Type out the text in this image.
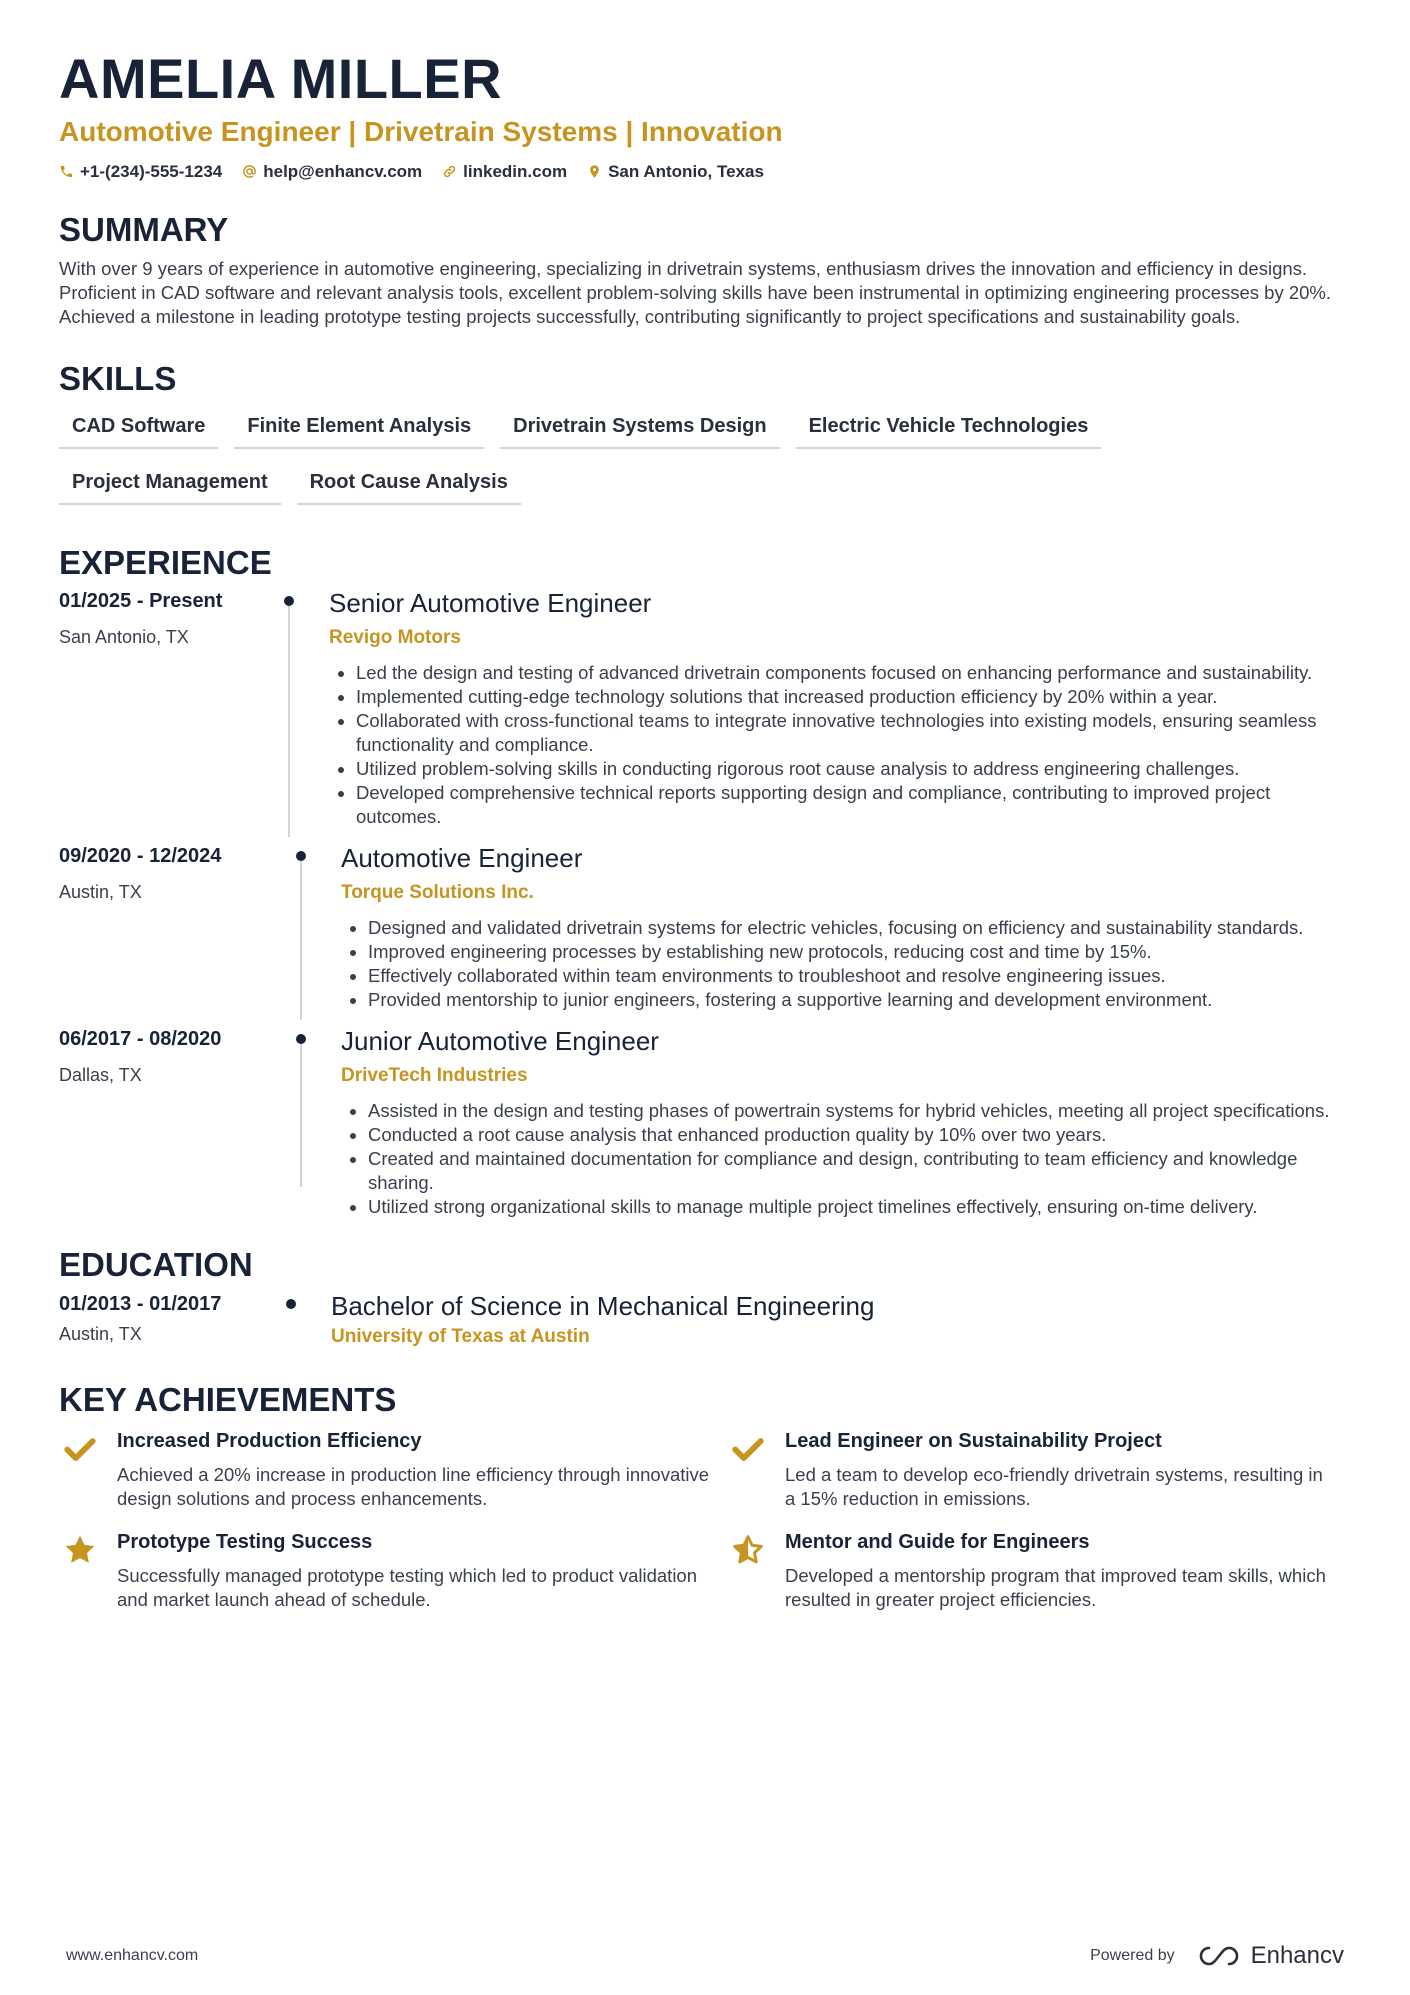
AMELIA MILLER
Automotive Engineer | Drivetrain Systems | Innovation
+1-(234)-555-1234 help@enhancv.com linkedin.com San Antonio, Texas
SUMMARY

With over 9 years of experience in automotive engineering, specializing in drivetrain systems, enthusiasm drives the innovation and efficiency in designs. Proficient in CAD software and relevant analysis tools, excellent problem-solving skills have been instrumental in optimizing engineering processes by 20%. Achieved a milestone in leading prototype testing projects successfully, contributing significantly to project specifications and sustainability goals.

SKILLS
CAD Software	Finite Element Analysis	Drivetrain Systems Design	Electric Vehicle Technologies
Project Management	Root Cause Analysis
EXPERIENCE
01/2025 - Present
San Antonio, TX
Senior Automotive Engineer
Revigo Motors
• Led the design and testing of advanced drivetrain components focused on enhancing performance and sustainability.
• Implemented cutting-edge technology solutions that increased production efficiency by 20% within a year.
• Collaborated with cross-functional teams to integrate innovative technologies into existing models, ensuring seamless functionality and compliance.
• Utilized problem-solving skills in conducting rigorous root cause analysis to address engineering challenges.
• Developed comprehensive technical reports supporting design and compliance, contributing to improved project outcomes.
09/2020 - 12/2024
Austin, TX
Automotive Engineer
Torque Solutions Inc.
• Designed and validated drivetrain systems for electric vehicles, focusing on efficiency and sustainability standards.
• Improved engineering processes by establishing new protocols, reducing cost and time by 15%.
• Effectively collaborated within team environments to troubleshoot and resolve engineering issues.
• Provided mentorship to junior engineers, fostering a supportive learning and development environment.
06/2017 - 08/2020
Dallas, TX
Junior Automotive Engineer
DriveTech Industries
• Assisted in the design and testing phases of powertrain systems for hybrid vehicles, meeting all project specifications.
• Conducted a root cause analysis that enhanced production quality by 10% over two years.
• Created and maintained documentation for compliance and design, contributing to team efficiency and knowledge sharing.
• Utilized strong organizational skills to manage multiple project timelines effectively, ensuring on-time delivery.
EDUCATION
01/2013 - 01/2017
Austin, TX
Bachelor of Science in Mechanical Engineering
University of Texas at Austin
KEY ACHIEVEMENTS
Increased Production Efficiency
Achieved a 20% increase in production line efficiency through innovative design solutions and process enhancements.
Lead Engineer on Sustainability Project
Led a team to develop eco-friendly drivetrain systems, resulting in a 15% reduction in emissions.
Prototype Testing Success
Successfully managed prototype testing which led to product validation and market launch ahead of schedule.
Mentor and Guide for Engineers
Developed a mentorship program that improved team skills, which resulted in greater project efficiencies.
www.enhancv.com	Powered by	Enhancv
